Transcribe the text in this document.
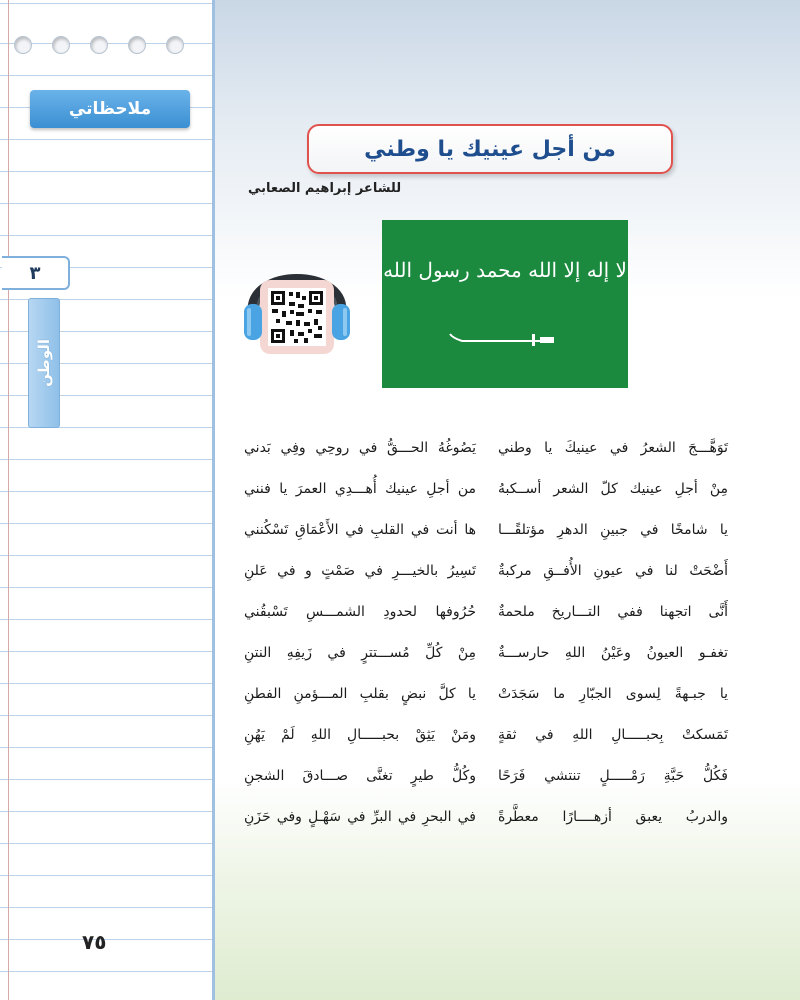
ملاحظاتي
٣
الوطن
٧٥
من أجل عينيك يا وطني
للشاعر إبراهيم الصعابي
لا إله إلا الله محمد رسول الله
تَوَهَّـــجَ الشعرُ في عينيكَ يا وطني
يَصُوغُهُ الحـــقُّ في روحِي وفِي بَدني
مِنْ أجلِ عينيك كلّ الشعر أســكبهُ
من أجلِ عينيك أُهـــدِي العمرَ يا فنني
يا شامخًا في جبينِ الدهرِ مؤتلقًـــا
ها أنت في القلبِ في الأَعْمَاقِ تَسْكُنني
أَضْحَتْ لنا في عيونِ الأُفــقِ مركبةٌ
تَسِيرُ بالخيـــرِ في صَمْتٍ و في عَلنِ
أَنَّى اتجهنا ففي التـــاريخ ملحمةٌ
حُرُوفها لحدودِ الشمـــسِ تَسْبقُني
تغفـو العيونُ وعَيْنُ اللهِ حارســـةٌ
مِنْ كُلِّ مُســـتترٍ في زَيفِهِ النتنِ
يا جبـهةً لِسوى الجبّارِ ما سَجَدَتْ
يا كلَّ نبضٍ بقلبِ المـــؤمنِ الفطنِ
تَمَسكتْ بِحبـــــالِ اللهِ في ثقةٍ
ومَنْ يَثِقْ بحبـــــالِ اللهِ لَمْ يَهُنِ
فَكُلُّ حَبَّةِ رَمْـــــلٍ تنتشي فَرَحًا
وكُلُّ طيرٍ تغنَّى صـــادقَ الشجنِ
والدربُ يعبق أزهــــارًا معطَّرةً
في البحرِ في البرِّ في سَهْـلٍ وفي حَزَنِ
